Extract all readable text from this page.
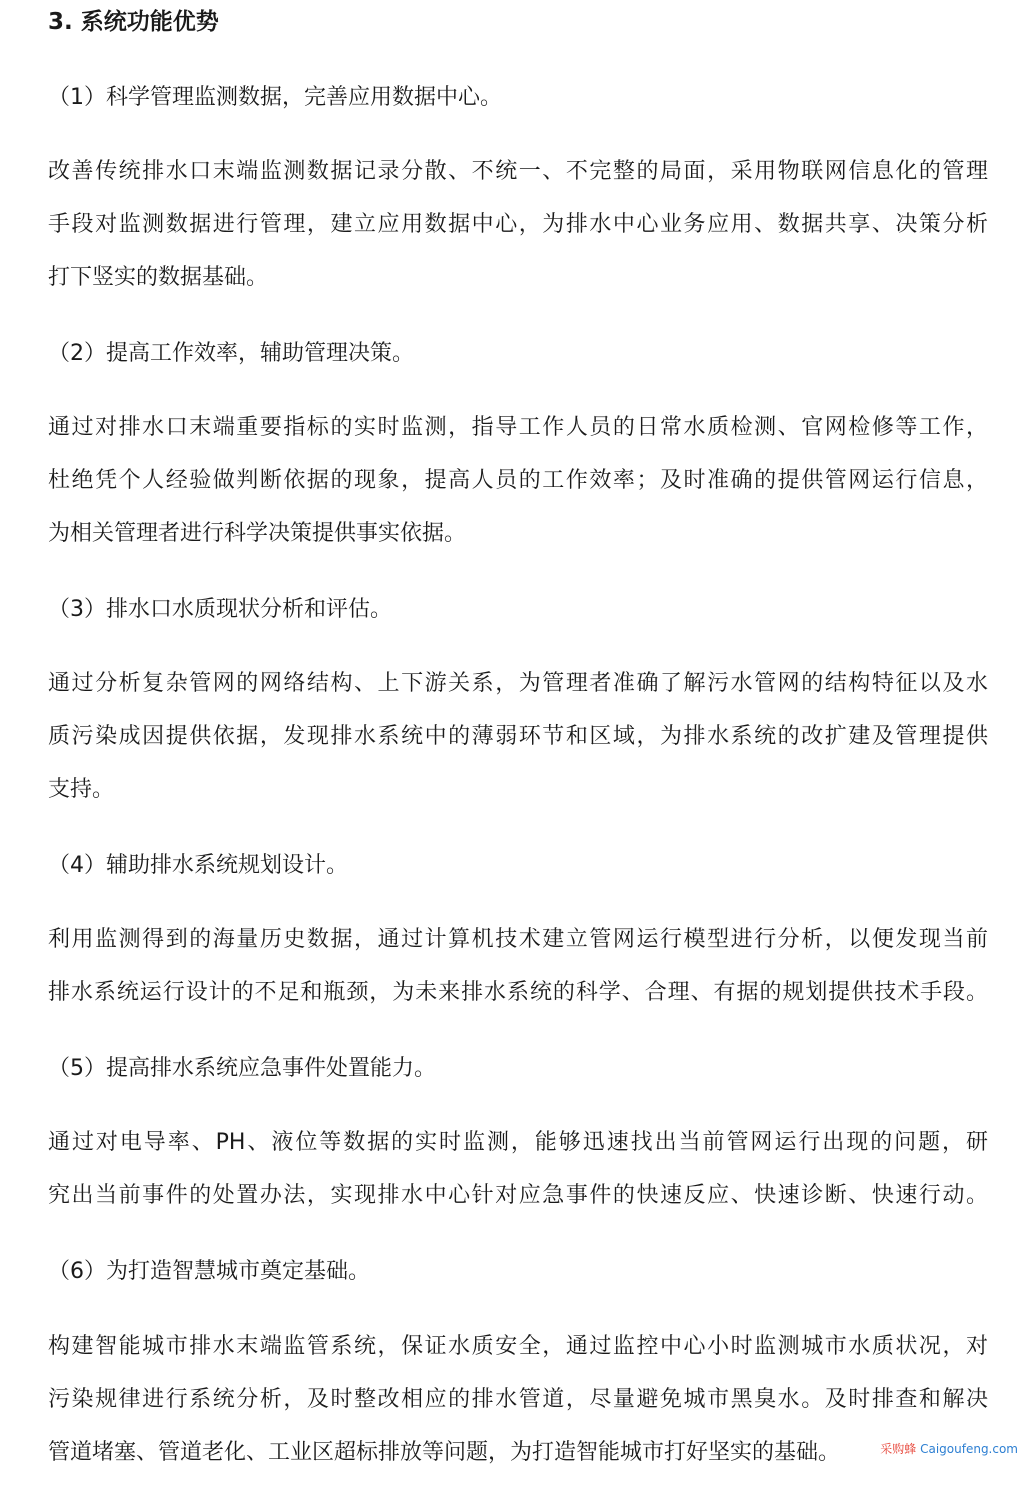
3. 系统功能优势
（1）科学管理监测数据，完善应用数据中心。
改善传统排水口末端监测数据记录分散、不统一、不完整的局面，采用物联网信息化的管理
手段对监测数据进行管理，建立应用数据中心，为排水中心业务应用、数据共享、决策分析
打下竖实的数据基础。
（2）提高工作效率，辅助管理决策。
通过对排水口末端重要指标的实时监测，指导工作人员的日常水质检测、官网检修等工作，
杜绝凭个人经验做判断依据的现象，提高人员的工作效率；及时准确的提供管网运行信息，
为相关管理者进行科学决策提供事实依据。
（3）排水口水质现状分析和评估。
通过分析复杂管网的网络结构、上下游关系，为管理者准确了解污水管网的结构特征以及水
质污染成因提供依据，发现排水系统中的薄弱环节和区域，为排水系统的改扩建及管理提供
支持。
（4）辅助排水系统规划设计。
利用监测得到的海量历史数据，通过计算机技术建立管网运行模型进行分析，以便发现当前
排水系统运行设计的不足和瓶颈，为未来排水系统的科学、合理、有据的规划提供技术手段。
（5）提高排水系统应急事件处置能力。
通过对电导率、PH、液位等数据的实时监测，能够迅速找出当前管网运行出现的问题，研
究出当前事件的处置办法，实现排水中心针对应急事件的快速反应、快速诊断、快速行动。
（6）为打造智慧城市奠定基础。
构建智能城市排水末端监管系统，保证水质安全，通过监控中心小时监测城市水质状况，对
污染规律进行系统分析，及时整改相应的排水管道，尽量避免城市黑臭水。及时排查和解决
管道堵塞、管道老化、工业区超标排放等问题，为打造智能城市打好坚实的基础。	采购蜂 Caigoufeng.com
